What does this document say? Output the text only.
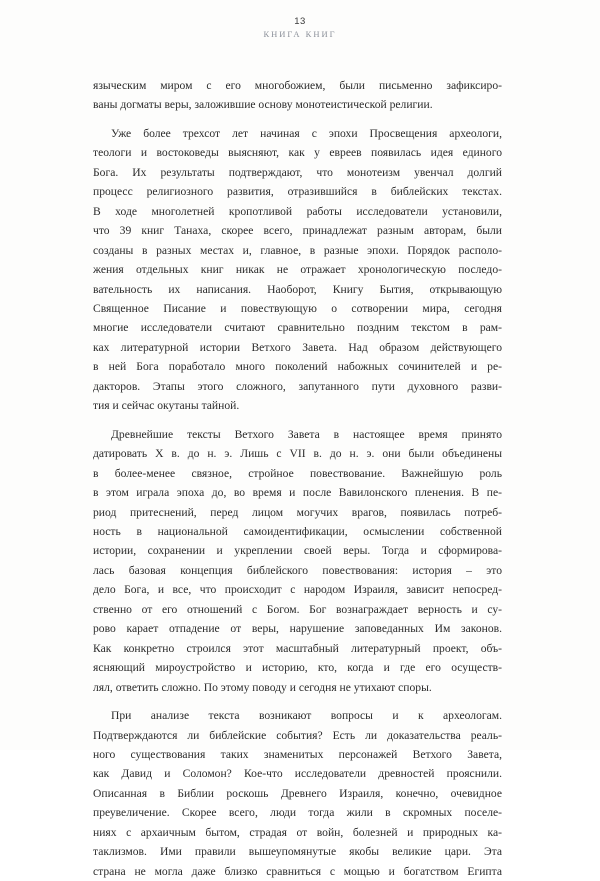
13
КНИГА КНИГ

языческим миром с его многобожием, были письменно зафиксиро-
ваны догматы веры, заложившие основу монотеистической религии.

Уже более трехсот лет начиная с эпохи Просвещения археологи,
теологи и востоковеды выясняют, как у евреев появилась идея единого
Бога. Их результаты подтверждают, что монотеизм увенчал долгий
процесс религиозного развития, отразившийся в библейских текстах.
В ходе многолетней кропотливой работы исследователи установили,
что 39 книг Танаха, скорее всего, принадлежат разным авторам, были
созданы в разных местах и, главное, в разные эпохи. Порядок располо-
жения отдельных книг никак не отражает хронологическую последо-
вательность их написания. Наоборот, Книгу Бытия, открывающую
Священное Писание и повествующую о сотворении мира, сегодня
многие исследователи считают сравнительно поздним текстом в рам-
ках литературной истории Ветхого Завета. Над образом действующего
в ней Бога поработало много поколений набожных сочинителей и ре-
дакторов. Этапы этого сложного, запутанного пути духовного разви-
тия и сейчас окутаны тайной.

Древнейшие тексты Ветхого Завета в настоящее время принято
датировать X в. до н. э. Лишь с VII в. до н. э. они были объединены
в более-менее связное, стройное повествование. Важнейшую роль
в этом играла эпоха до, во время и после Вавилонского пленения. В пе-
риод притеснений, перед лицом могучих врагов, появилась потреб-
ность в национальной самоидентификации, осмыслении собственной
истории, сохранении и укреплении своей веры. Тогда и сформирова-
лась базовая концепция библейского повествования: история – это
дело Бога, и все, что происходит с народом Израиля, зависит непосред-
ственно от его отношений с Богом. Бог вознаграждает верность и су-
рово карает отпадение от веры, нарушение заповеданных Им законов.
Как конкретно строился этот масштабный литературный проект, объ-
ясняющий мироустройство и историю, кто, когда и где его осуществ-
лял, ответить сложно. По этому поводу и сегодня не утихают споры.

При анализе текста возникают вопросы и к археологам.
Подтверждаются ли библейские события? Есть ли доказательства реаль-
ного существования таких знаменитых персонажей Ветхого Завета,
как Давид и Соломон? Кое-что исследователи древностей прояснили.
Описанная в Библии роскошь Древнего Израиля, конечно, очевидное
преувеличение. Скорее всего, люди тогда жили в скромных поселе-
ниях с архаичным бытом, страдая от войн, болезней и природных ка-
таклизмов. Ими правили вышеупомянутые якобы великие цари. Эта
страна не могла даже близко сравниться с мощью и богатством Египта
